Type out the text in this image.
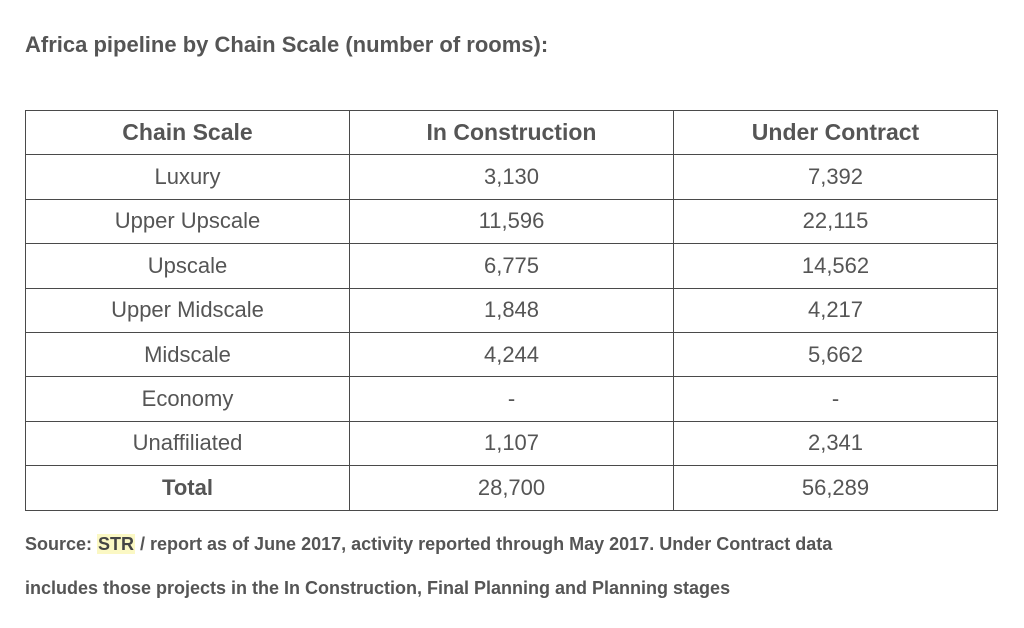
Africa pipeline by Chain Scale (number of rooms):
Chain Scale	In Construction	Under Contract
Luxury	3,130	7,392
Upper Upscale	11,596	22,115
Upscale	6,775	14,562
Upper Midscale	1,848	4,217
Midscale	4,244	5,662
Economy	-	-
Unaffiliated	1,107	2,341
Total	28,700	56,289
Source: STR / report as of June 2017, activity reported through May 2017. Under Contract data
includes those projects in the In Construction, Final Planning and Planning stages
